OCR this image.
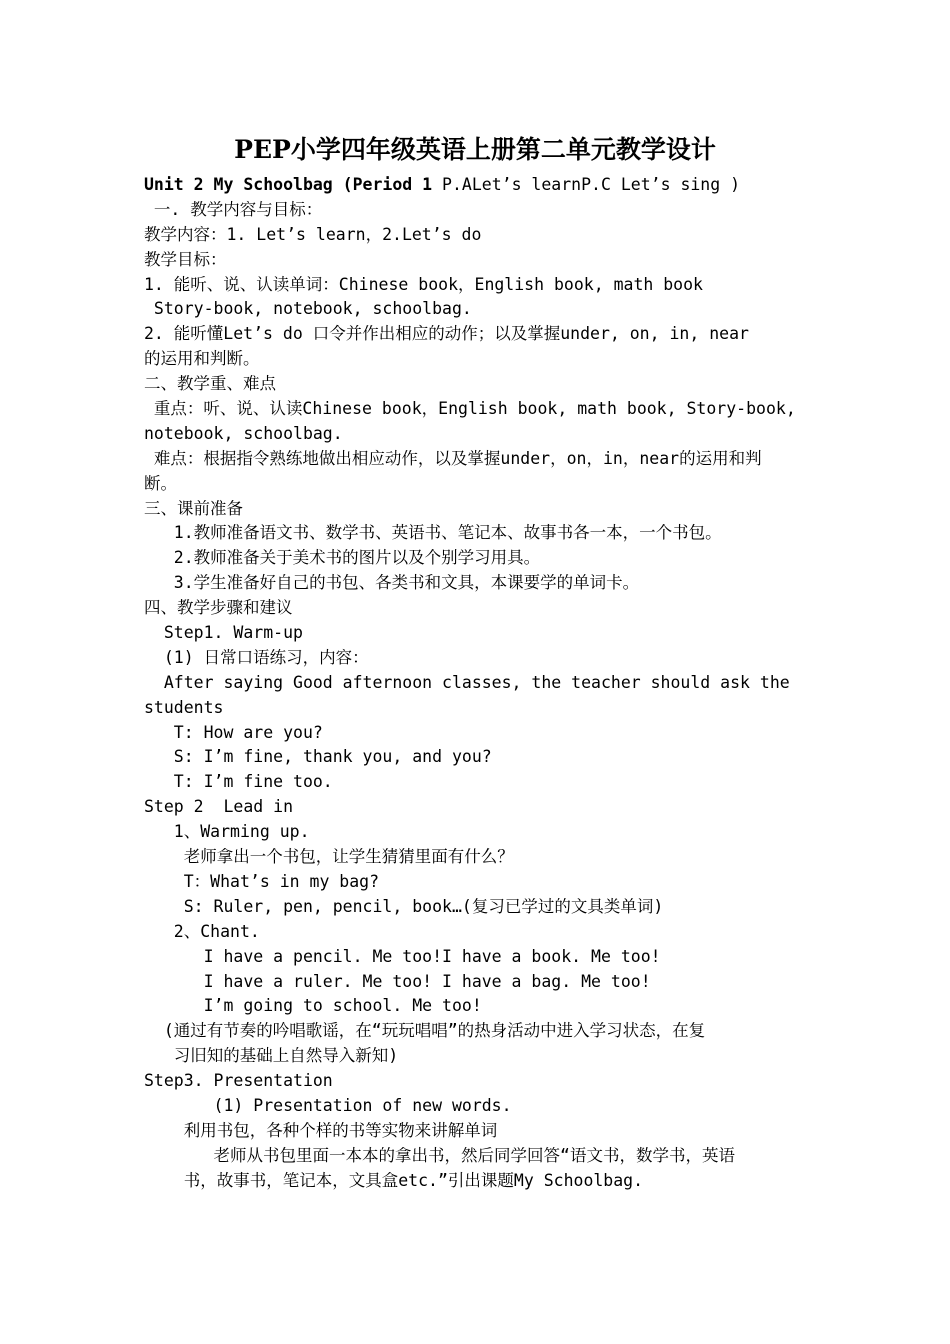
PEP小学四年级英语上册第二单元教学设计
Unit 2 My Schoolbag (Period 1 P.ALet’s learnP.C Let’s sing )
一. 教学内容与目标：
教学内容：1. Let’s learn，2.Let’s do
教学目标：
1. 能听、说、认读单词：Chinese book，English book, math book
Story-book, notebook, schoolbag.
2. 能听懂Let’s do 口令并作出相应的动作；以及掌握under, on, in, near
的运用和判断。
二、教学重、难点
重点：听、说、认读Chinese book，English book, math book, Story-book,
notebook, schoolbag.
难点：根据指令熟练地做出相应动作，以及掌握under，on，in，near的运用和判
断。
三、课前准备
1.教师准备语文书、数学书、英语书、笔记本、故事书各一本，一个书包。
2.教师准备关于美术书的图片以及个别学习用具。
3.学生准备好自己的书包、各类书和文具，本课要学的单词卡。
四、教学步骤和建议
Step1. Warm-up
(1) 日常口语练习，内容：
After saying Good afternoon classes, the teacher should ask the
students
T: How are you?
S: I’m fine, thank you, and you?
T: I’m fine too.
Step 2  Lead in
1、Warming up.
老师拿出一个书包，让学生猜猜里面有什么？
T：What’s in my bag?
S: Ruler, pen, pencil, book…(复习已学过的文具类单词)
2、Chant.
I have a pencil. Me too!I have a book. Me too!
I have a ruler. Me too! I have a bag. Me too!
I’m going to school. Me too!
(通过有节奏的吟唱歌谣，在“玩玩唱唱”的热身活动中进入学习状态，在复
习旧知的基础上自然导入新知)
Step3. Presentation
(1) Presentation of new words.
利用书包，各种个样的书等实物来讲解单词
老师从书包里面一本本的拿出书，然后同学回答“语文书，数学书，英语
书，故事书，笔记本，文具盒etc.”引出课题My Schoolbag.
